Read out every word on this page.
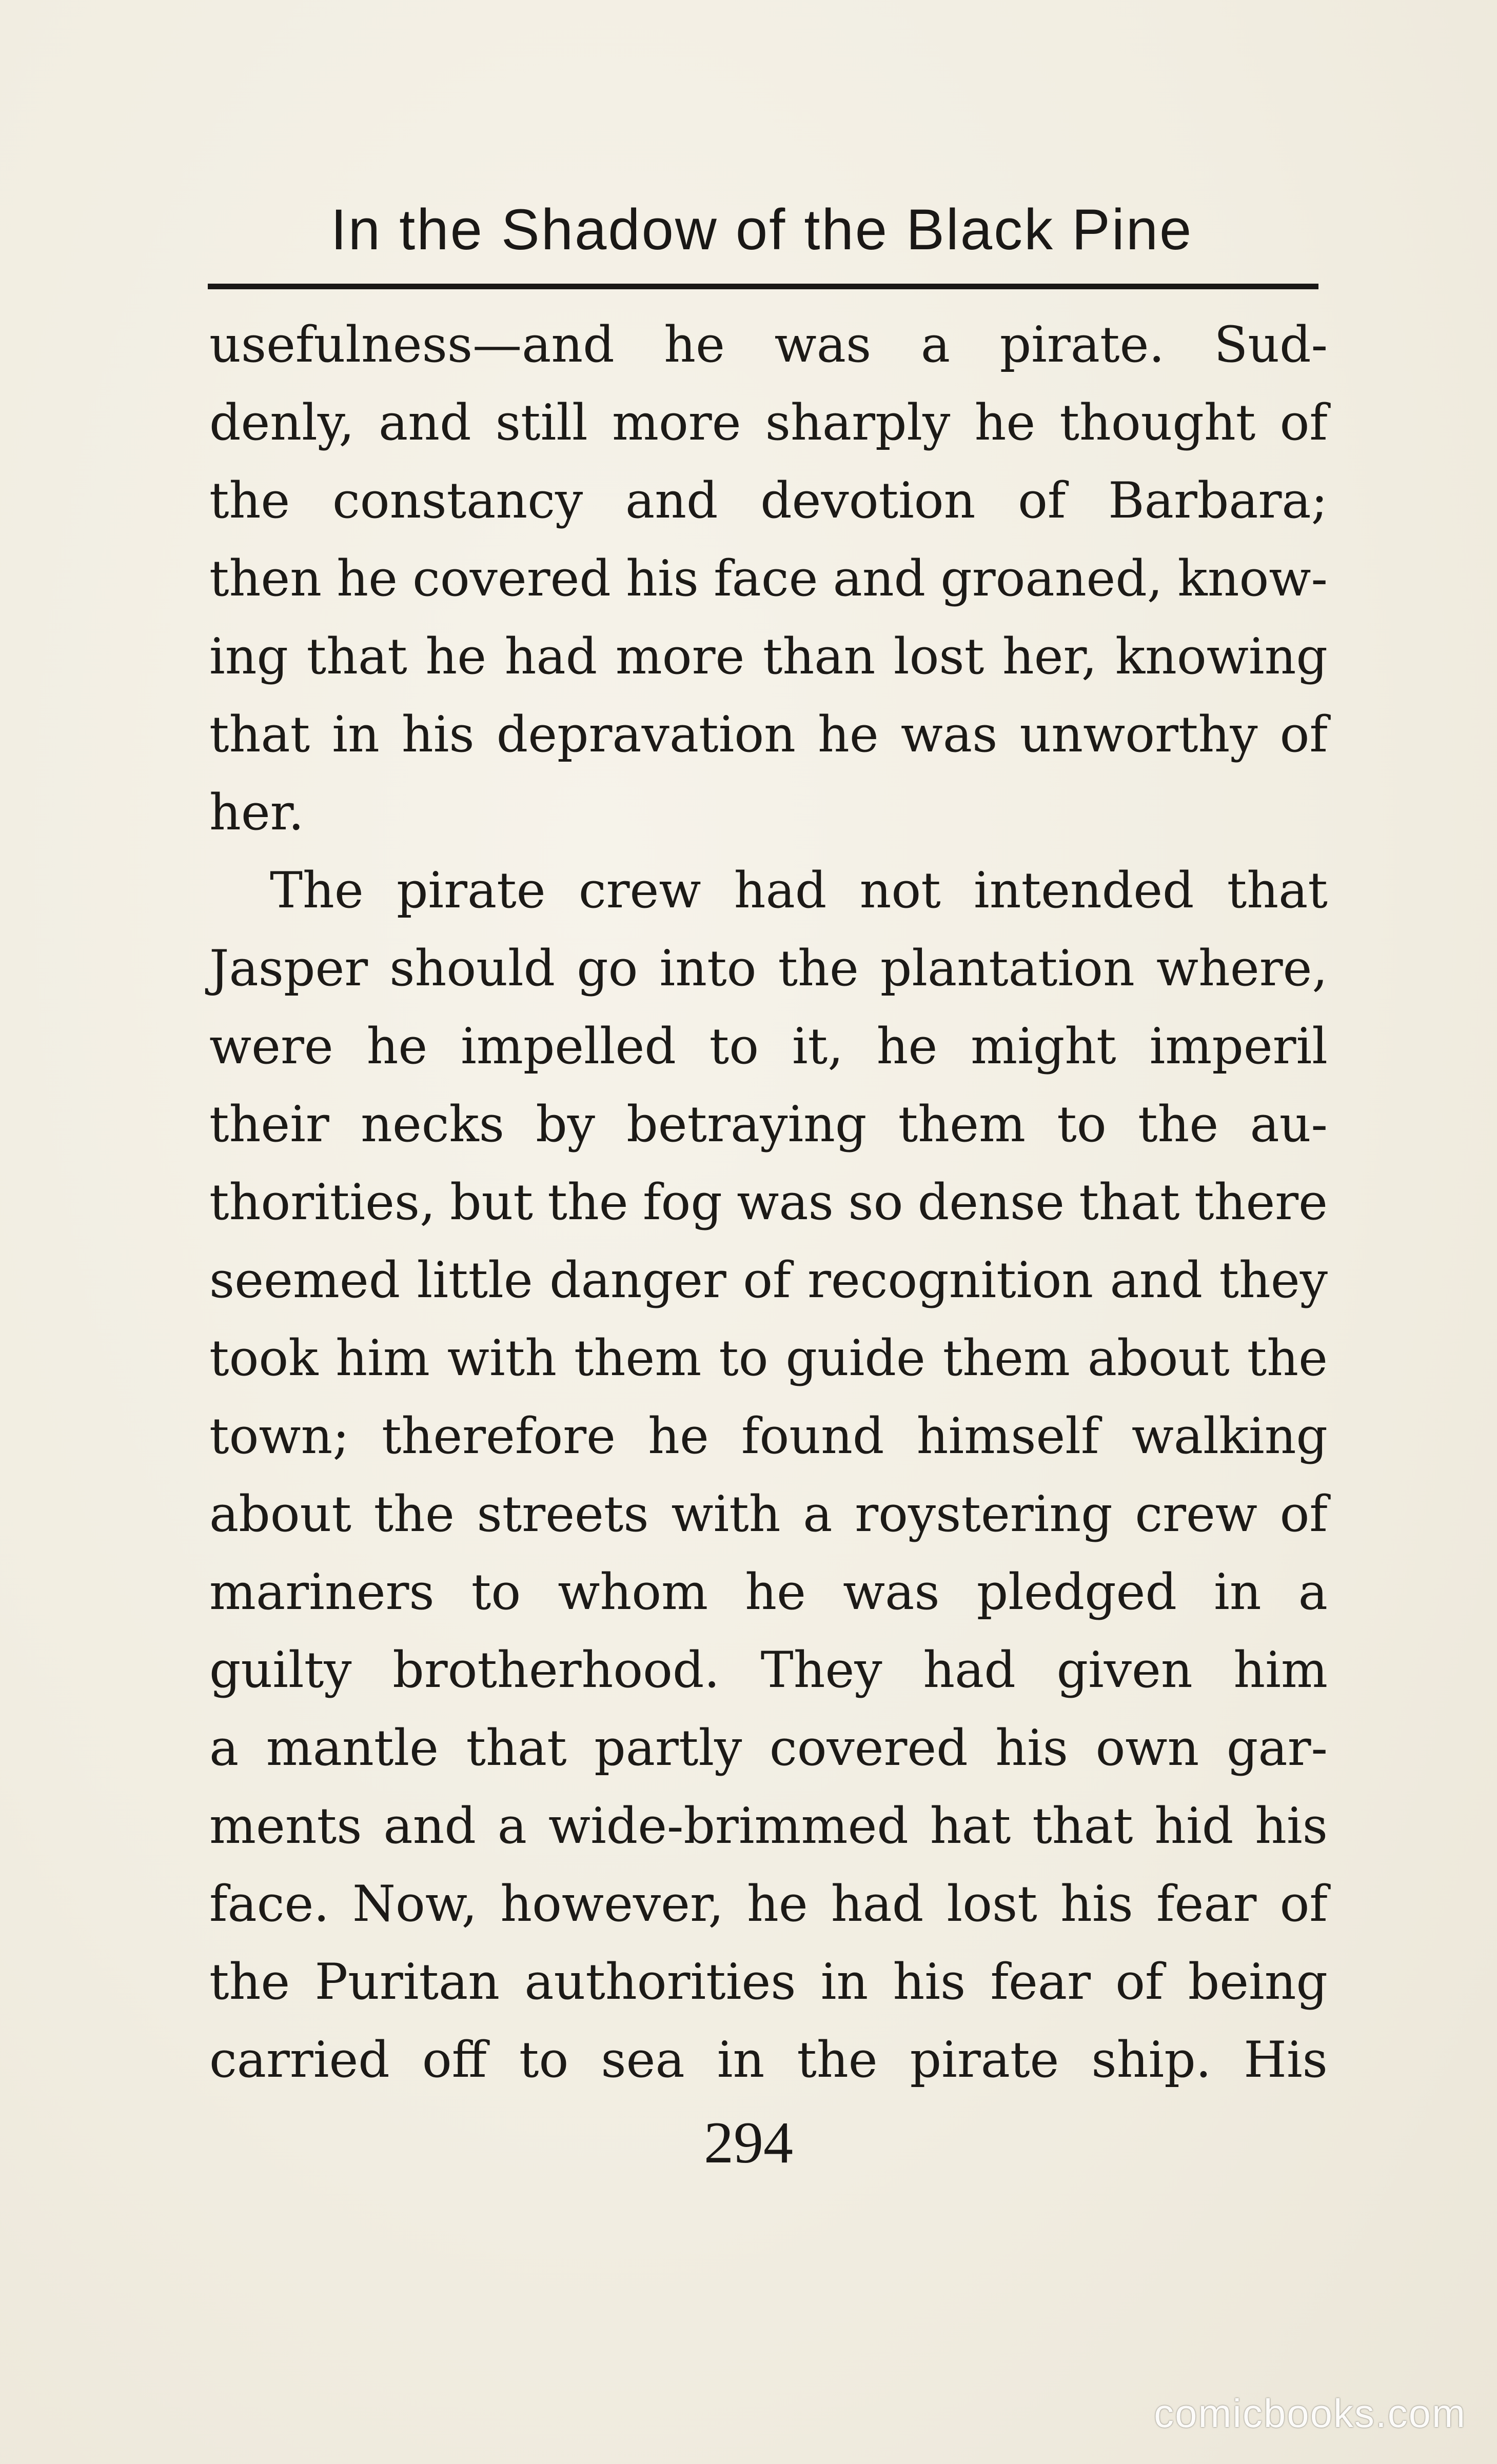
In the Shadow of the Black Pine
usefulness—and he was a pirate. Sud-
denly, and still more sharply he thought of
the constancy and devotion of Barbara;
then he covered his face and groaned, know-
ing that he had more than lost her, knowing
that in his depravation he was unworthy of
her.
The pirate crew had not intended that
Jasper should go into the plantation where,
were he impelled to it, he might imperil
their necks by betraying them to the au-
thorities, but the fog was so dense that there
seemed little danger of recognition and they
took him with them to guide them about the
town; therefore he found himself walking
about the streets with a roystering crew of
mariners to whom he was pledged in a
guilty brotherhood. They had given him
a mantle that partly covered his own gar-
ments and a wide-brimmed hat that hid his
face. Now, however, he had lost his fear of
the Puritan authorities in his fear of being
carried off to sea in the pirate ship. His
294
comicbooks.com
